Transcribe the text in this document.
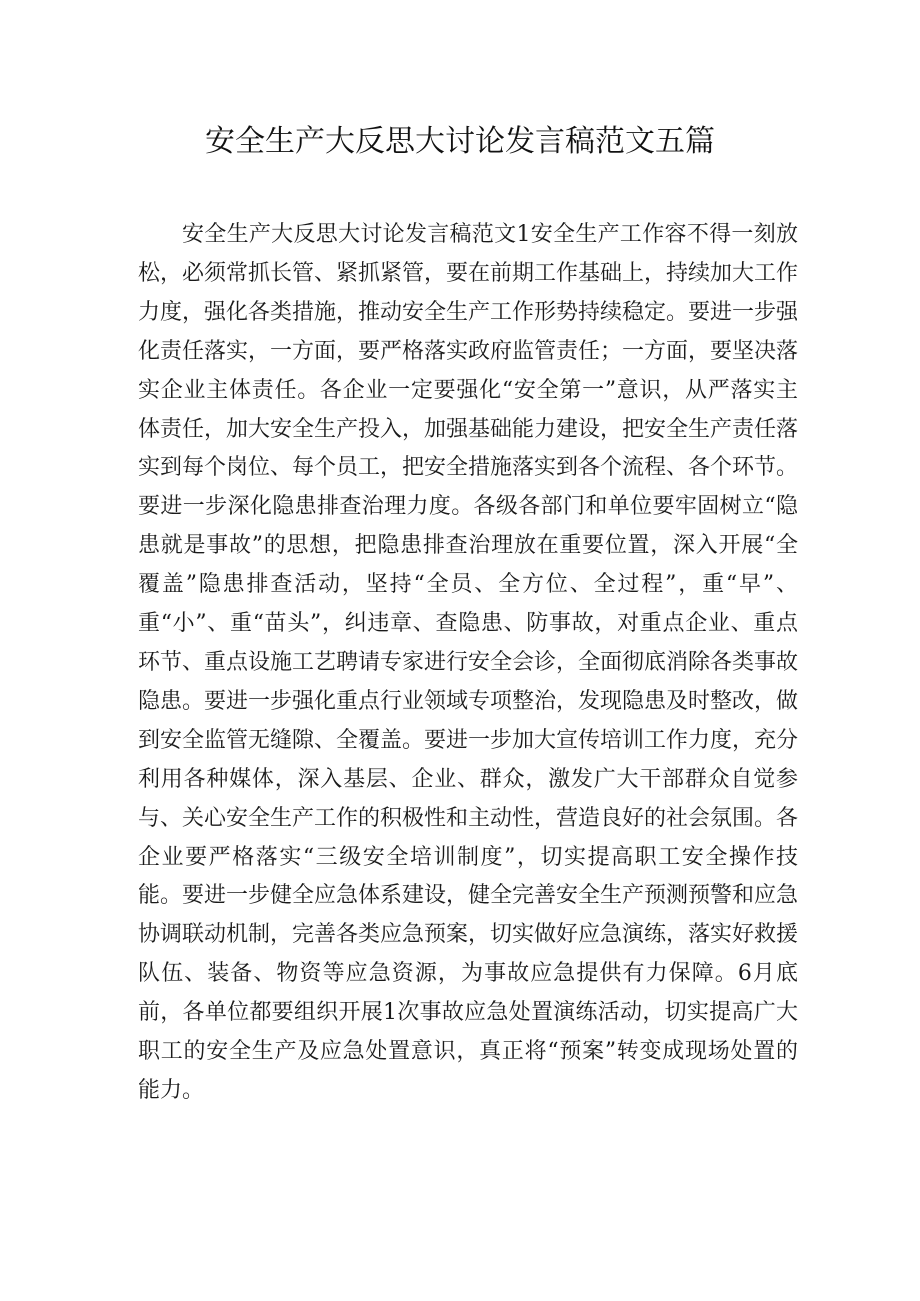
安全生产大反思大讨论发言稿范文五篇

安全生产大反思大讨论发言稿范文1安全生产工作容不得一刻放松，必须常抓长管、紧抓紧管，要在前期工作基础上，持续加大工作力度，强化各类措施，推动安全生产工作形势持续稳定。要进一步强化责任落实，一方面，要严格落实政府监管责任；一方面，要坚决落实企业主体责任。各企业一定要强化“安全第一”意识，从严落实主体责任，加大安全生产投入，加强基础能力建设，把安全生产责任落实到每个岗位、每个员工，把安全措施落实到各个流程、各个环节。要进一步深化隐患排查治理力度。各级各部门和单位要牢固树立“隐患就是事故”的思想，把隐患排查治理放在重要位置，深入开展“全覆盖”隐患排查活动，坚持“全员、全方位、全过程”，重“早”、重“小”、重“苗头”，纠违章、查隐患、防事故，对重点企业、重点环节、重点设施工艺聘请专家进行安全会诊，全面彻底消除各类事故隐患。要进一步强化重点行业领域专项整治，发现隐患及时整改，做到安全监管无缝隙、全覆盖。要进一步加大宣传培训工作力度，充分利用各种媒体，深入基层、企业、群众，激发广大干部群众自觉参与、关心安全生产工作的积极性和主动性，营造良好的社会氛围。各企业要严格落实“三级安全培训制度”，切实提高职工安全操作技能。要进一步健全应急体系建设，健全完善安全生产预测预警和应急协调联动机制，完善各类应急预案，切实做好应急演练，落实好救援队伍、装备、物资等应急资源，为事故应急提供有力保障。6月底前，各单位都要组织开展1次事故应急处置演练活动，切实提高广大职工的安全生产及应急处置意识，真正将“预案”转变成现场处置的能力。
